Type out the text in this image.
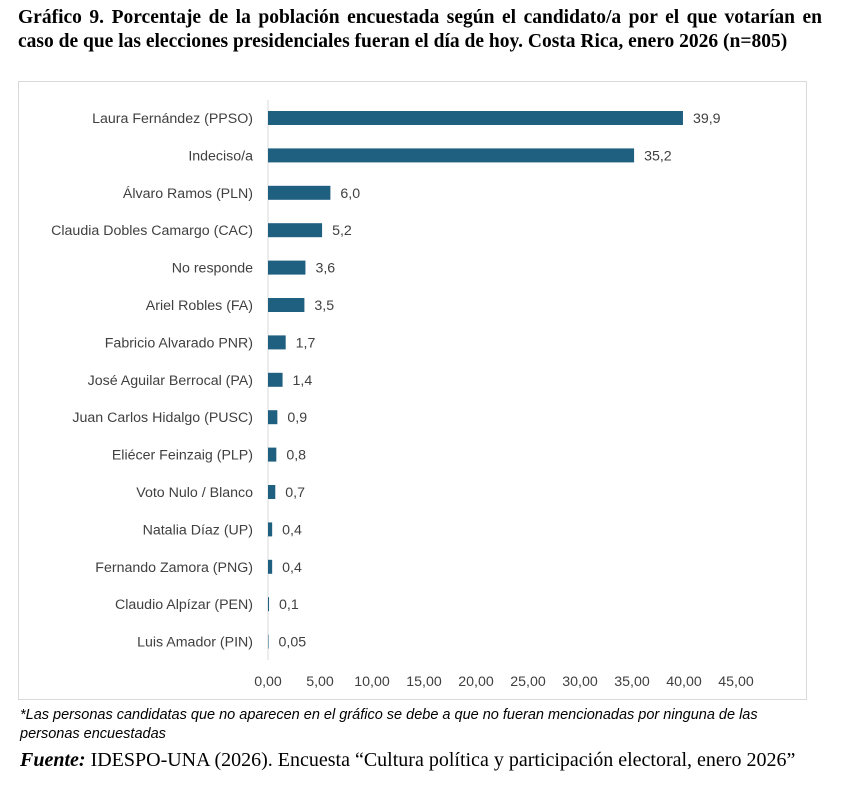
Gráfico 9. Porcentaje de la población encuestada según el candidato/a por el que votarían en caso de que las elecciones presidenciales fueran el día de hoy. Costa Rica, enero 2026 (n=805)

Laura Fernández (PPSO)	39,9
Indeciso/a	35,2
Álvaro Ramos (PLN)	6,0
Claudia Dobles Camargo (CAC)	5,2
No responde	3,6
Ariel Robles (FA)	3,5
Fabricio Alvarado PNR)	1,7
José Aguilar Berrocal (PA)	1,4
Juan Carlos Hidalgo (PUSC) 0,9
Eliécer Feinzaig (PLP) 0,8
Voto Nulo / Blanco 0,7
Natalia Díaz (UP) 0,4
Fernando Zamora (PNG) 0,4
Claudio Alpízar (PEN) 0,1
Luis Amador (PIN) 0,05
0,00 5,00 10,00 15,00 20,00 25,00 30,00 35,00 40,00 45,00

*Las personas candidatas que no aparecen en el gráfico se debe a que no fueran mencionadas por ninguna de las personas encuestadas

Fuente: IDESPO-UNA (2026). Encuesta “Cultura política y participación electoral, enero 2026”
